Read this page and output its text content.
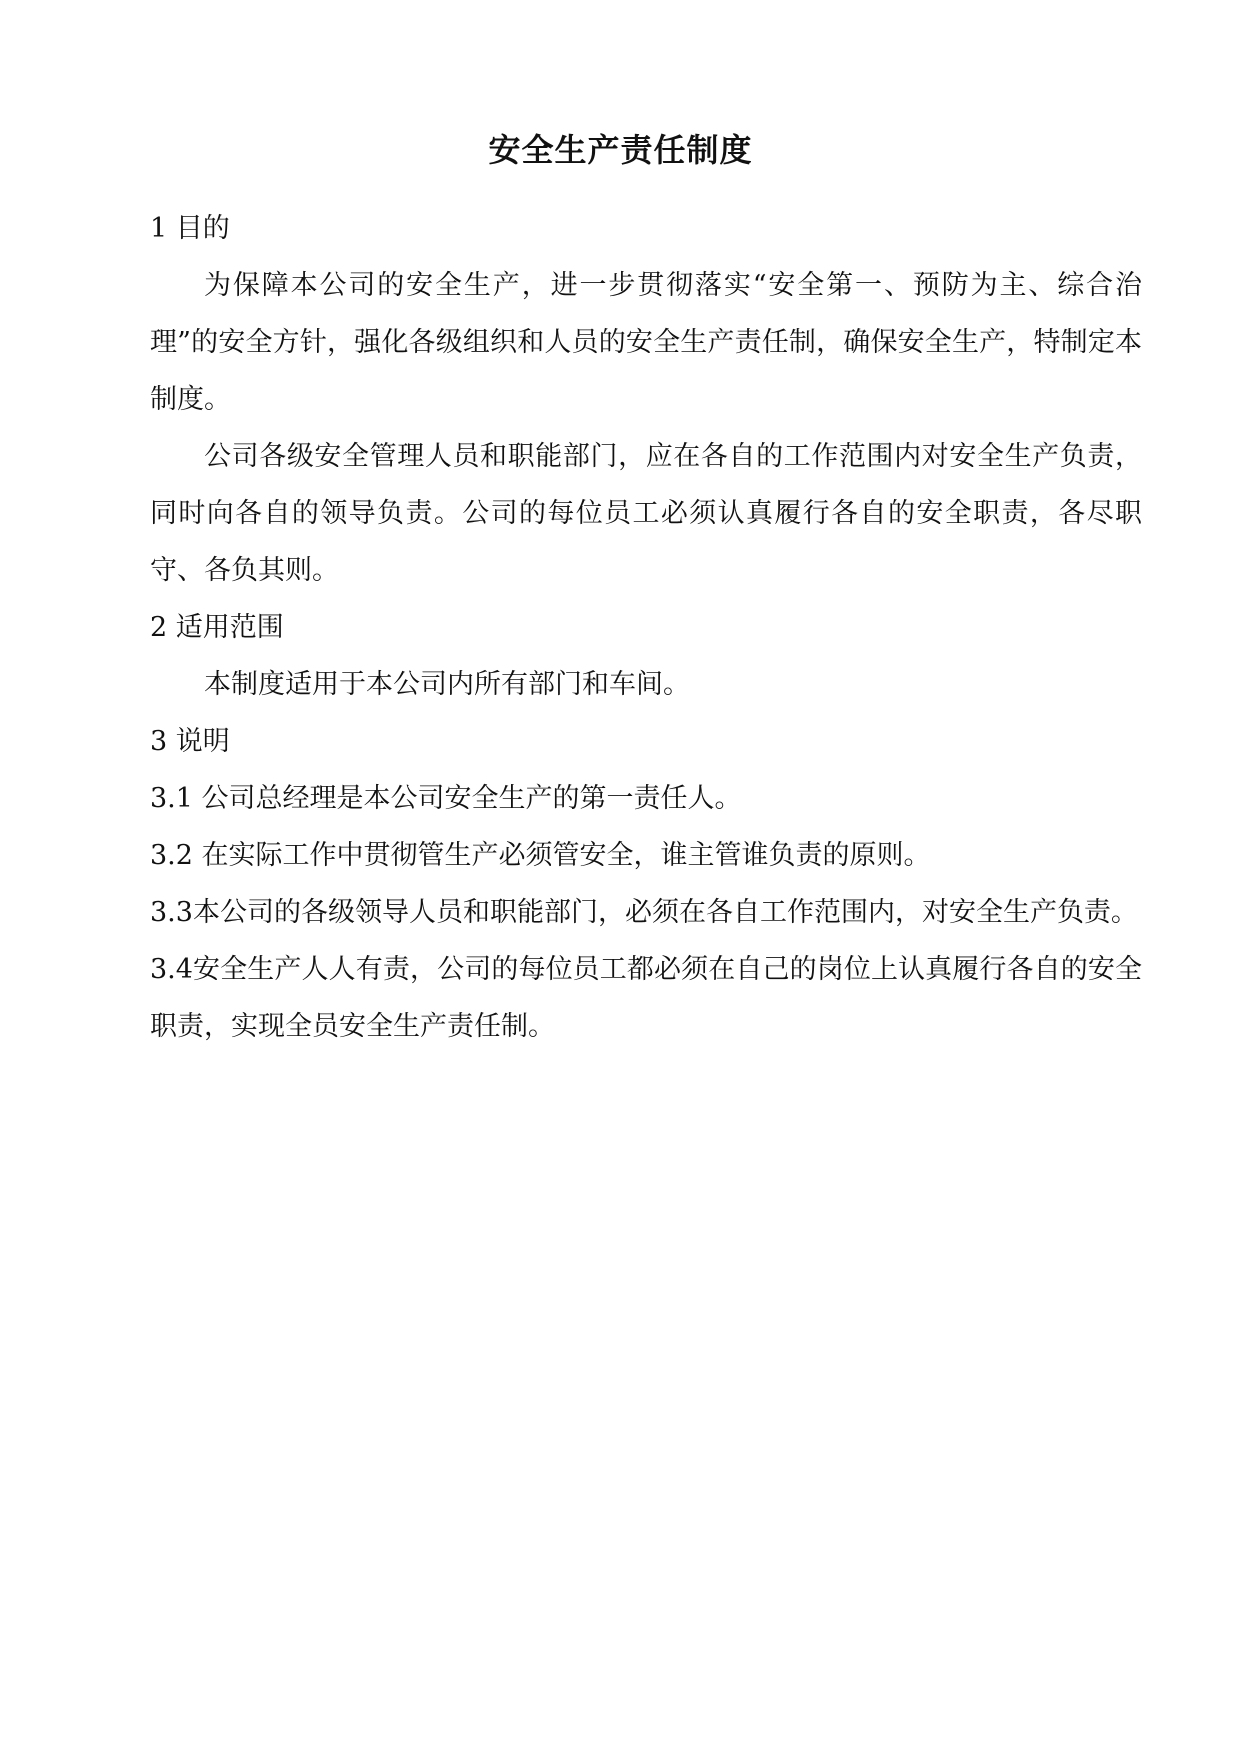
安全生产责任制度

1 目的

为保障本公司的安全生产，进一步贯彻落实“安全第一、预防为主、综合治理”的安全方针，强化各级组织和人员的安全生产责任制，确保安全生产，特制定本制度。

公司各级安全管理人员和职能部门，应在各自的工作范围内对安全生产负责，同时向各自的领导负责。公司的每位员工必须认真履行各自的安全职责，各尽职守、各负其则。

2 适用范围

本制度适用于本公司内所有部门和车间。

3 说明

3.1 公司总经理是本公司安全生产的第一责任人。

3.2 在实际工作中贯彻管生产必须管安全，谁主管谁负责的原则。

3.3本公司的各级领导人员和职能部门，必须在各自工作范围内，对安全生产负责。

3.4安全生产人人有责，公司的每位员工都必须在自己的岗位上认真履行各自的安全职责，实现全员安全生产责任制。
